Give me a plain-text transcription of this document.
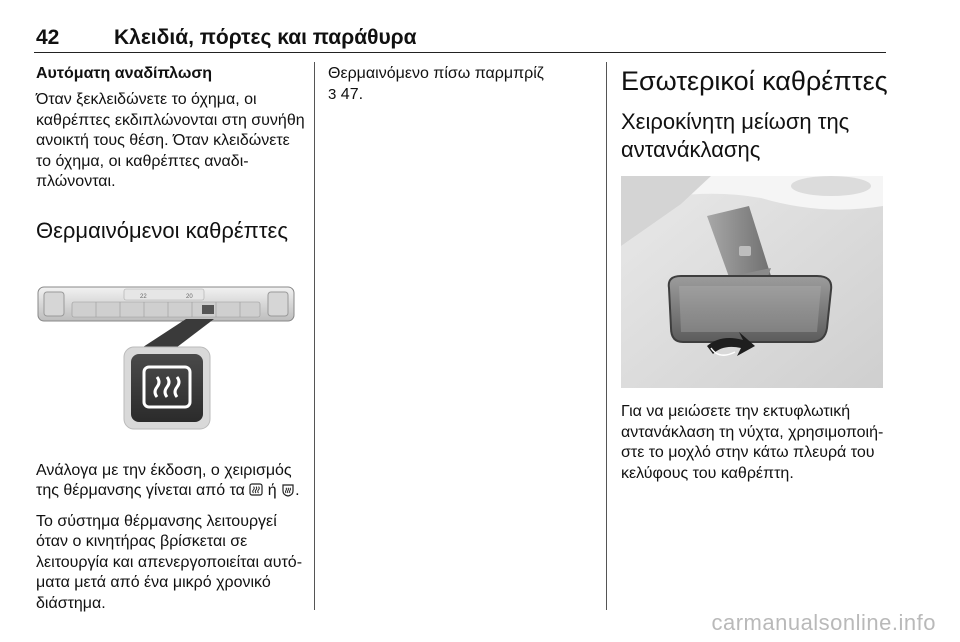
42	Κλειδιά, πόρτες και παράθυρα
Αυτόματη αναδίπλωση

Όταν ξεκλειδώνετε το όχημα, οι καθρέπτες εκδιπλώνονται στη συνήθη ανοικτή τους θέση. Όταν κλειδώνετε το όχημα, οι καθρέπτες αναδιπλώνονται.

Θερμαινόμενοι καθρέπτες
22	20

Ανάλογα με την έκδοση, ο χειρισμός της θέρμανσης γίνεται από τα  ή .

Το σύστημα θέρμανσης λειτουργεί όταν ο κινητήρας βρίσκεται σε λειτουργία και απενεργοποιείται αυτόματα μετά από ένα μικρό χρονικό διάστημα.

Θερμαινόμενο πίσω παρμπρίζ
3 47.	Εσωτερικοί καθρέπτες
Χειροκίνητη μείωση της αντανάκλασης

Για να μειώσετε την εκτυφλωτική αντανάκλαση τη νύχτα, χρησιμοποιήστε το μοχλό στην κάτω πλευρά του κελύφους του καθρέπτη.

carmanualsonline.info
